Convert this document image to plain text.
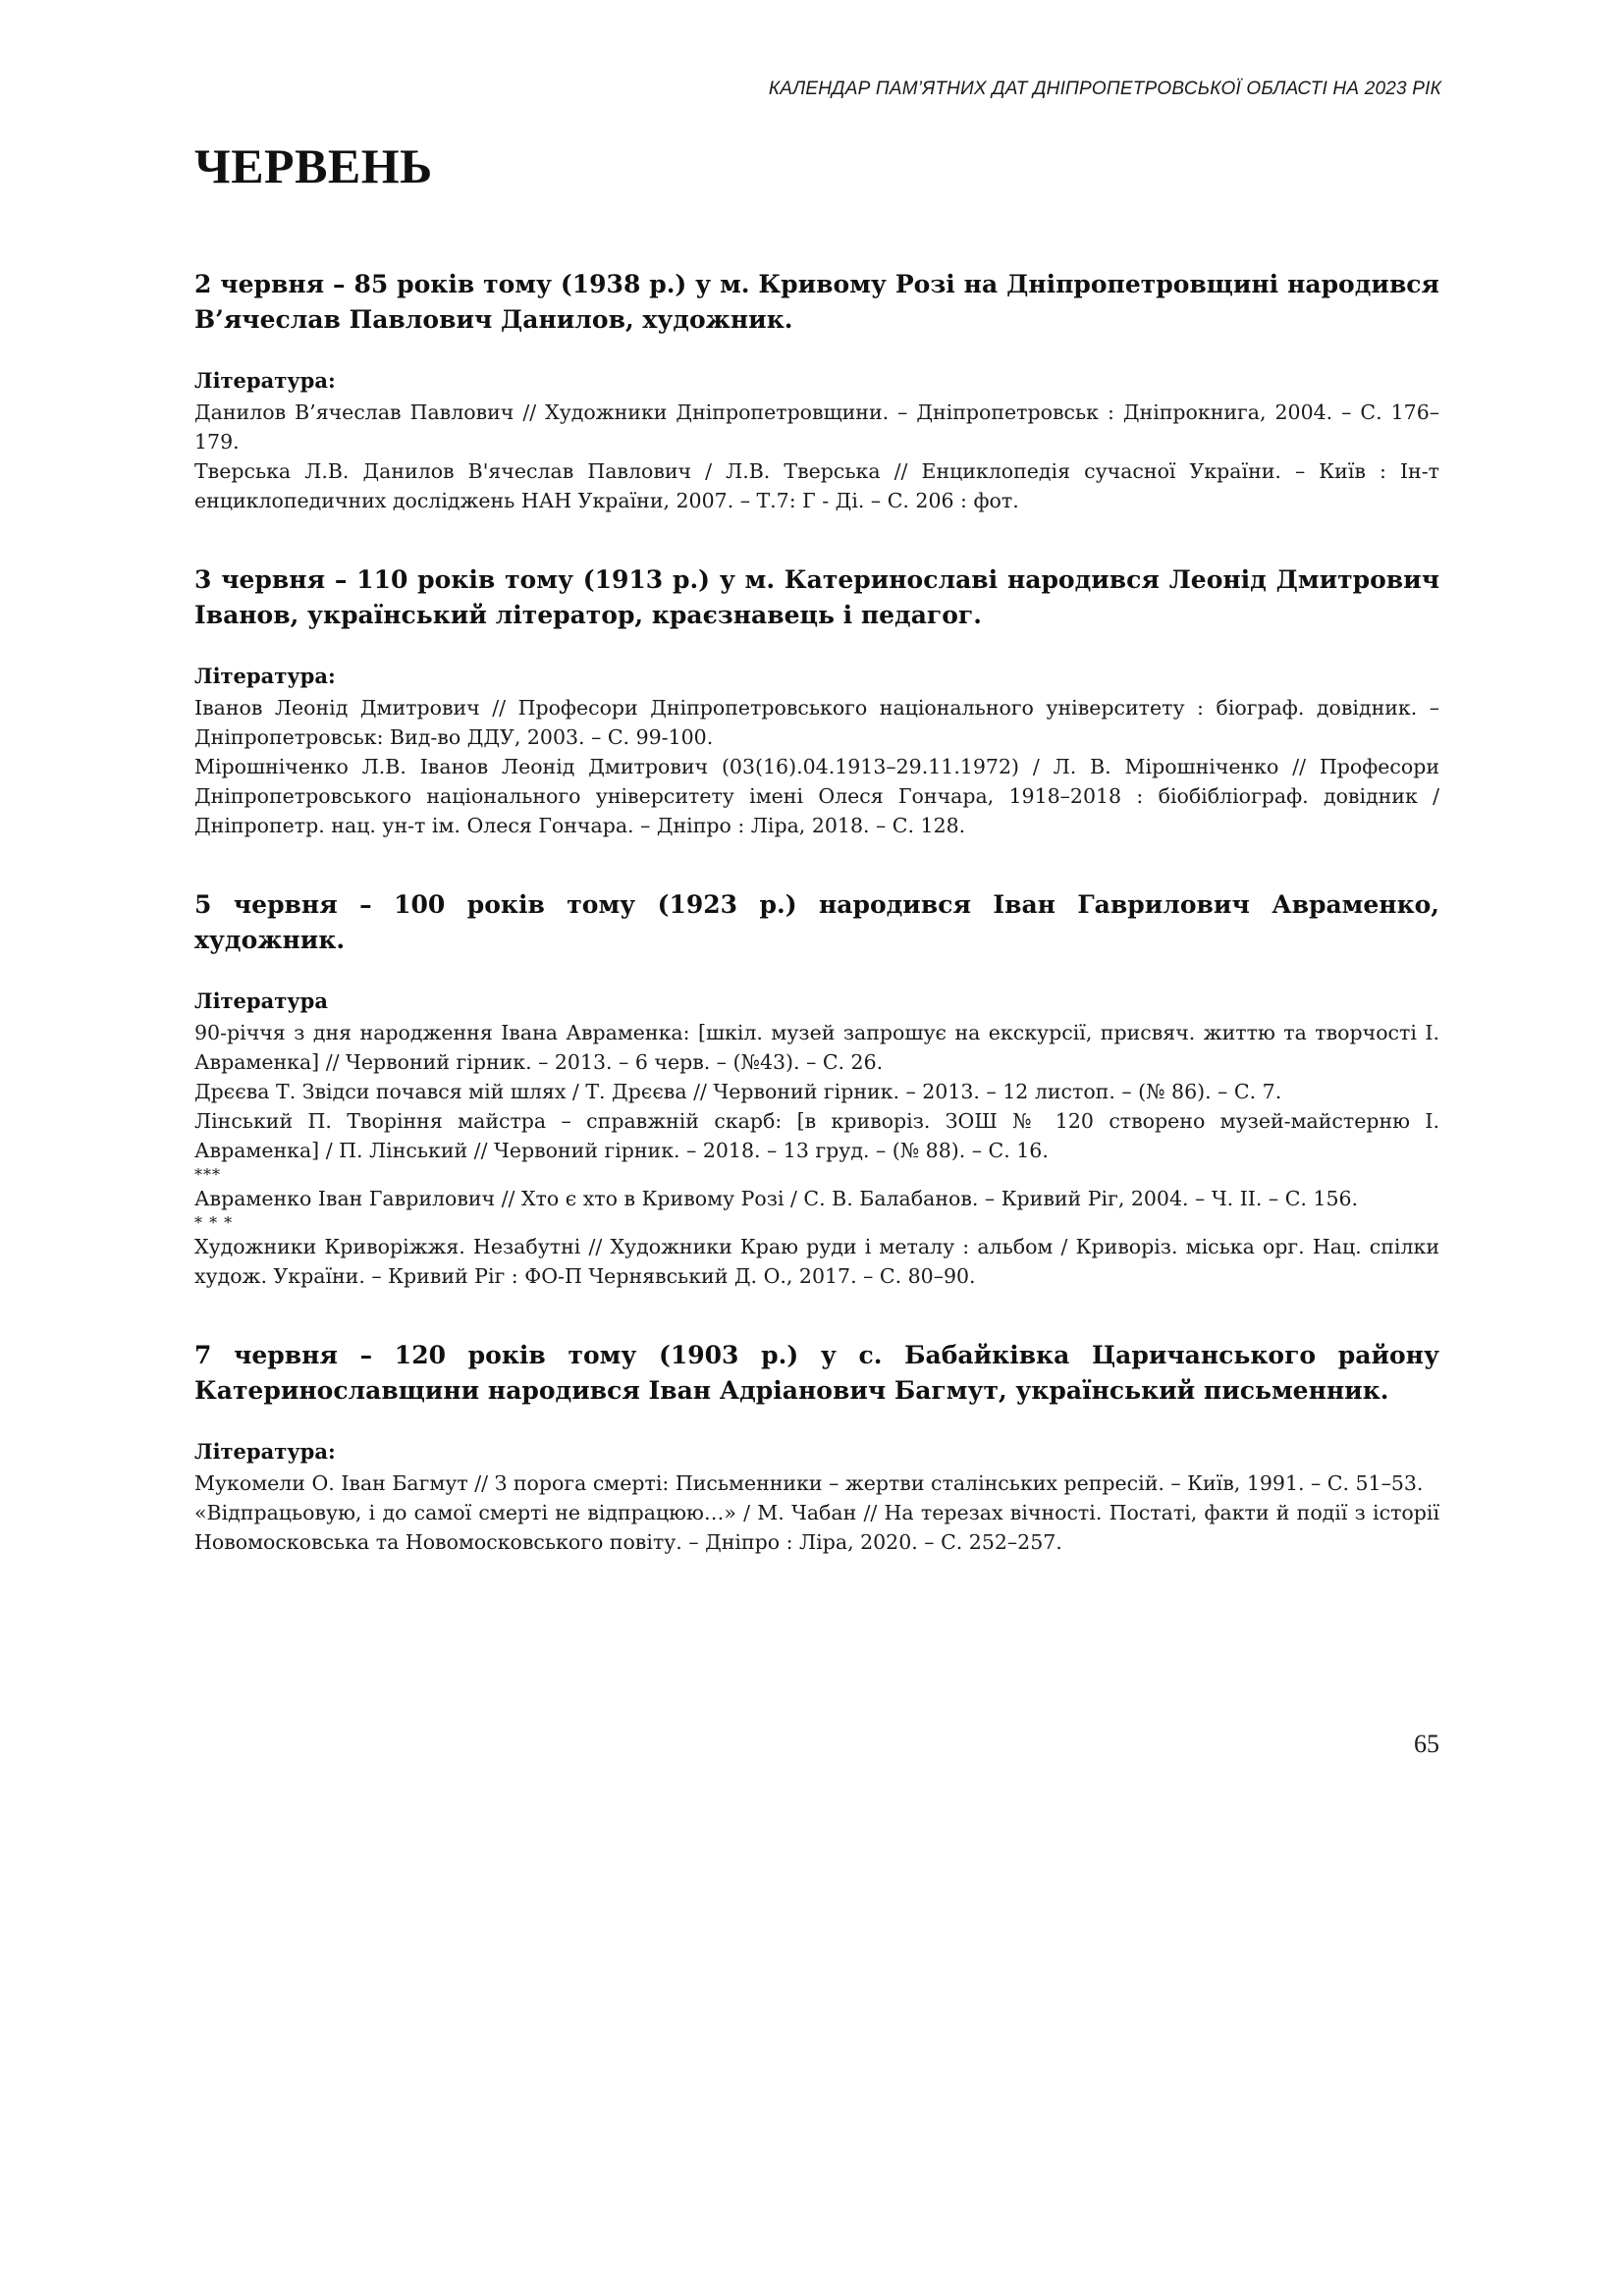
КАЛЕНДАР ПАМ’ЯТНИХ ДАТ ДНІПРОПЕТРОВСЬКОЇ ОБЛАСТІ НА 2023 РІК
ЧЕРВЕНЬ

2 червня – 85 років тому (1938 р.) у м. Кривому Розі на Дніпропетровщині народився В’ячеслав Павлович Данилов, художник.

Література:

Данилов В’ячеслав Павлович // Художники Дніпропетровщини. – Дніпропетровськ : Дніпрокнига, 2004. – С. 176–179.

Тверська Л.В. Данилов В'ячеслав Павлович / Л.В. Тверська // Енциклопедія сучасної України. – Київ : Ін-т енциклопедичних досліджень НАН України, 2007. – Т.7: Г - Ді. – С. 206 : фот.

3 червня – 110 років тому (1913 р.) у м. Катеринославі народився Леонід Дмитрович Іванов, український літератор, краєзнавець і педагог.

Література:

Іванов Леонід Дмитрович // Професори Дніпропетровського національного університету : біограф. довідник. – Дніпропетровськ: Вид-во ДДУ, 2003. – С. 99-100.

Мірошніченко Л.В. Іванов Леонід Дмитрович (03(16).04.1913–29.11.1972) / Л. В. Мірошніченко // Професори Дніпропетровського національного університету імені Олеся Гончара, 1918–2018 : біобібліограф. довідник / Дніпропетр. нац. ун-т ім. Олеся Гончара. – Дніпро : Ліра, 2018. – С. 128.

5 червня – 100 років тому (1923 р.) народився Іван Гаврилович Авраменко, художник.

Література

90-річчя з дня народження Івана Авраменка: [шкіл. музей запрошує на екскурсії, присвяч. життю та творчості І. Авраменка] // Червоний гірник. – 2013. – 6 черв. – (№43). – С. 26.

Дрєєва Т. Звідси почався мій шлях / Т. Дрєєва // Червоний гірник. – 2013. – 12 листоп. – (№ 86). – С. 7.

Лінський П. Творіння майстра – справжній скарб: [в криворіз. ЗОШ № 120 створено музей-майстерню І. Авраменка] / П. Лінський // Червоний гірник. – 2018. – 13 груд. – (№ 88). – С. 16.

***

Авраменко Іван Гаврилович // Хто є хто в Кривому Розі / С. В. Балабанов. – Кривий Ріг, 2004. – Ч. ІІ. – С. 156.

* * *

Художники Криворіжжя. Незабутні // Художники Краю руди і металу : альбом / Криворіз. міська орг. Нац. спілки худож. України. – Кривий Ріг : ФО-П Чернявський Д. О., 2017. – С. 80–90.

7 червня – 120 років тому (1903 р.) у с. Бабайківка Царичанського району Катеринославщини народився Іван Адріанович Багмут, український письменник.

Література:

Мукомели О. Іван Багмут // З порога смерті: Письменники – жертви сталінських репресій. – Київ, 1991. – С. 51–53.

«Відпрацьовую, і до самої смерті не відпрацюю…» / М. Чабан // На терезах вічності. Постаті, факти й події з історії Новомосковська та Новомосковського повіту. – Дніпро : Ліра, 2020. – С. 252–257.

65
